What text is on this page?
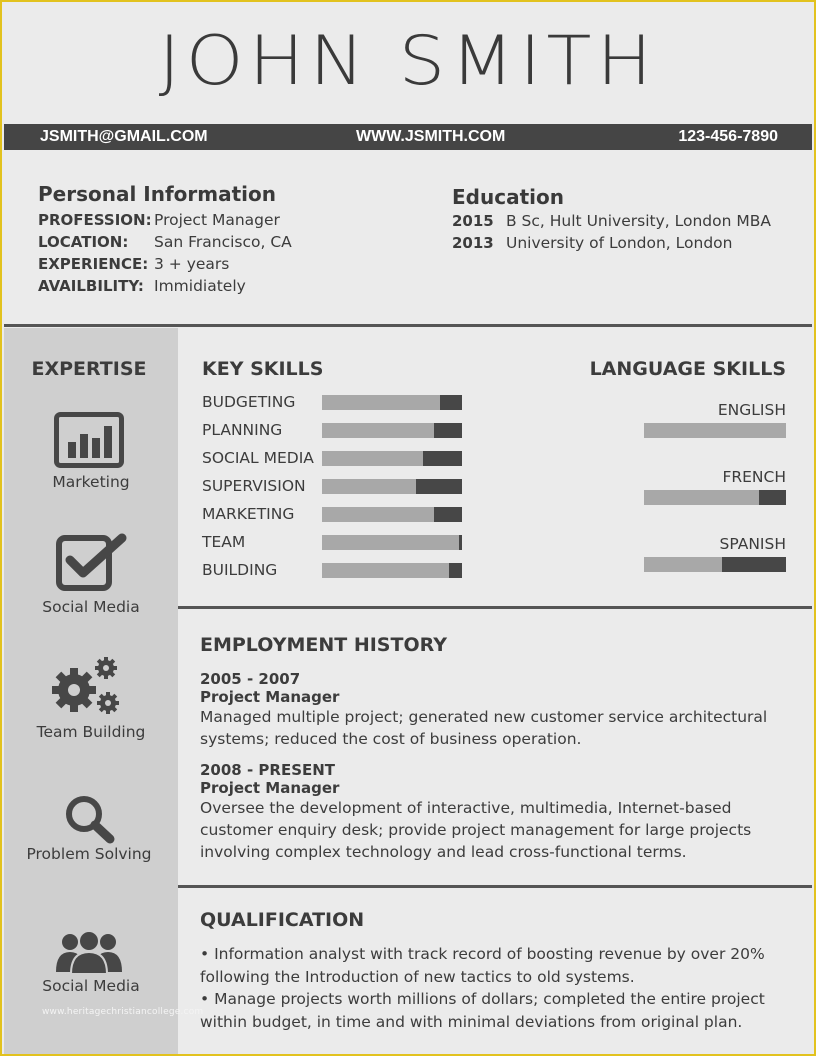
JOHN SMITH
JSMITH@GMAIL.COM	WWW.JSMITH.COM	123-456-7890
Personal Information
PROFESSION: Project Manager
LOCATION:	San Francisco, CA
EXPERIENCE: 3 + years
AVAILBILITY: Immidiately
Education
2015 B Sc, Hult University, London MBA
2013 University of London, London
EXPERTISE
Marketing
Social Media
Team Building
Problem Solving
Social Media
KEY SKILLS
BUDGETING
PLANNING
SOCIAL MEDIA
SUPERVISION
MARKETING
TEAM
BUILDING
LANGUAGE SKILLS
ENGLISH
FRENCH
SPANISH
EMPLOYMENT HISTORY
2005 - 2007
Project Manager
Managed multiple project; generated new customer service architectural systems; reduced the cost of business operation.
2008 - PRESENT
Project Manager
Oversee the development of interactive, multimedia, Internet-based customer enquiry desk; provide project management for large projects involving complex technology and lead cross-functional terms.
QUALIFICATION
• Information analyst with track record of boosting revenue by over 20% following the Introduction of new tactics to old systems.
• Manage projects worth millions of dollars; completed the entire project within budget, in time and with minimal deviations from original plan.
www.heritagechristiancollege.com
